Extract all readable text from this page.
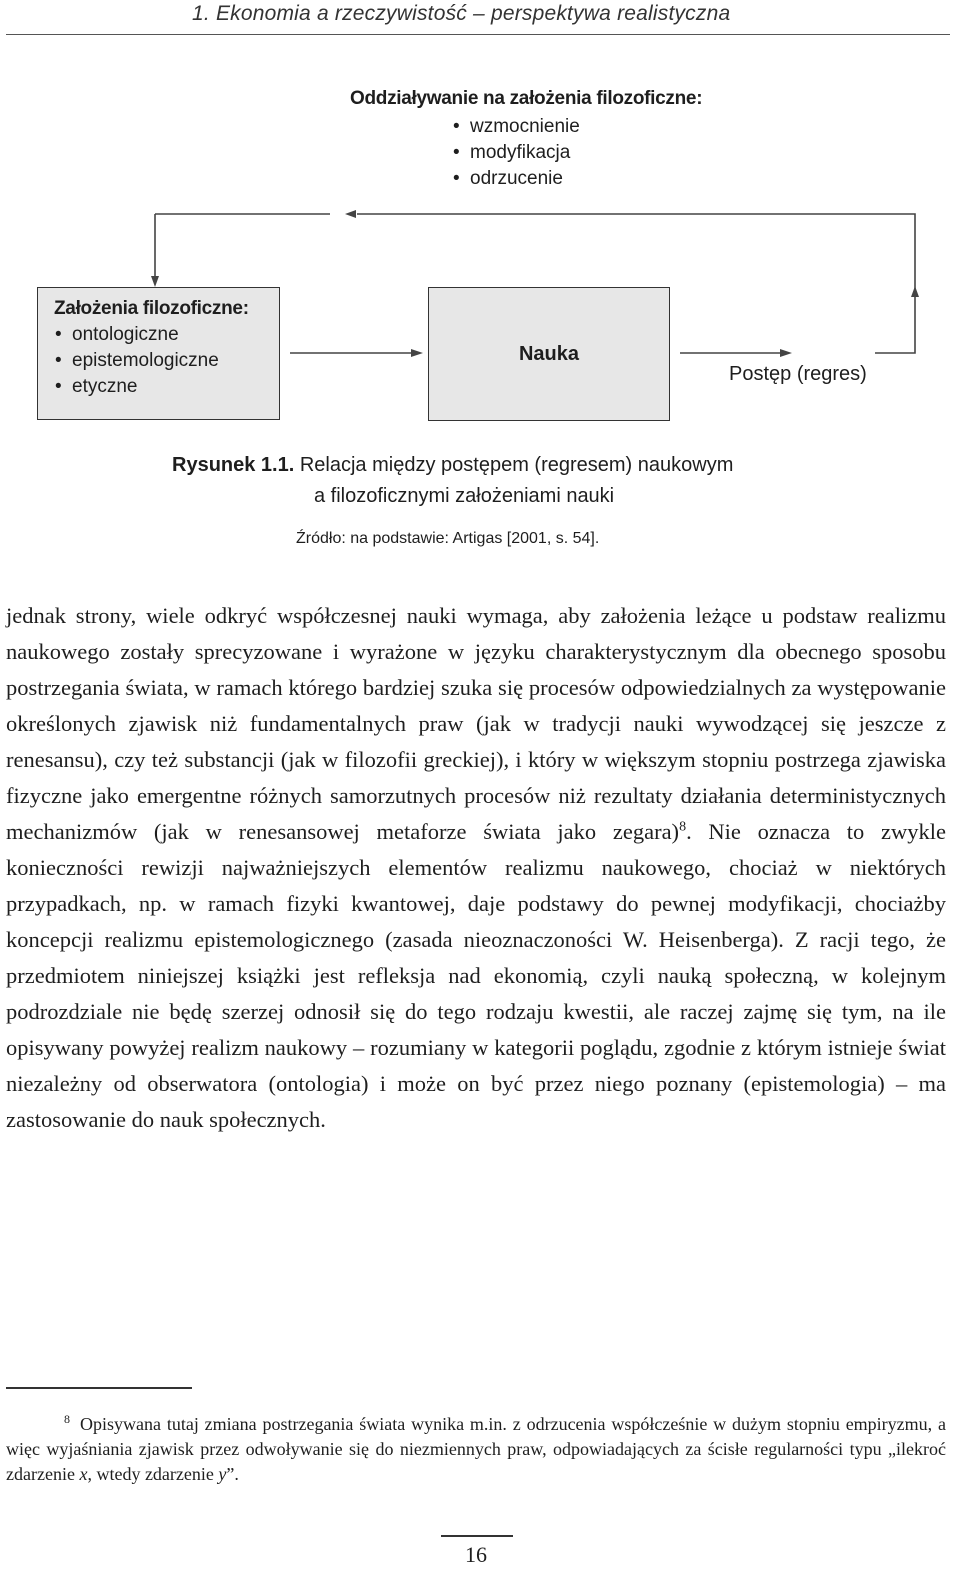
1. Ekonomia a rzeczywistość – perspektywa realistyczna
Oddziaływanie na założenia filozoficzne:
• wzmocnienie
• modyfikacja
• odrzucenie
Założenia filozoficzne:
• ontologiczne
• epistemologiczne
• etyczne
Nauka
Postęp (regres)
Rysunek 1.1. Relacja między postępem (regresem) naukowym
a filozoficznymi założeniami nauki
Źródło: na podstawie: Artigas [2001, s. 54].

jednak strony, wiele odkryć współczesnej nauki wymaga, aby założenia leżące u podstaw realizmu naukowego zostały sprecyzowane i wyrażone w języku charakterystycznym dla obecnego sposobu postrzegania świata, w ramach którego bardziej szuka się procesów odpowiedzialnych za występowanie określonych zjawisk niż fundamentalnych praw (jak w tradycji nauki wywodzącej się jeszcze z renesansu), czy też substancji (jak w filozofii greckiej), i który w większym stopniu postrzega zjawiska fizyczne jako emergentne różnych samorzutnych procesów niż rezultaty działania deterministycznych mechanizmów (jak w renesansowej metaforze świata jako zegara)$^8$. Nie oznacza to zwykle konieczności rewizji najważniejszych elementów realizmu naukowego, chociaż w niektórych przypadkach, np. w ramach fizyki kwantowej, daje podstawy do pewnej modyfikacji, chociażby koncepcji realizmu epistemologicznego (zasada nieoznaczoności W. Heisenberga). Z racji tego, że przedmiotem niniejszej książki jest refleksja nad ekonomią, czyli nauką społeczną, w kolejnym podrozdziale nie będę szerzej odnosił się do tego rodzaju kwestii, ale raczej zajmę się tym, na ile opisywany powyżej realizm naukowy – rozumiany w kategorii poglądu, zgodnie z którym istnieje świat niezależny od obserwatora (ontologia) i może on być przez niego poznany (epistemologia) – ma zastosowanie do nauk społecznych.

$^8$ Opisywana tutaj zmiana postrzegania świata wynika m.in. z odrzucenia współcześnie w dużym stopniu empiryzmu, a więc wyjaśniania zjawisk przez odwoływanie się do niezmiennych praw, odpowiadających za ścisłe regularności typu „ilekroć zdarzenie x, wtedy zdarzenie y”.

16
